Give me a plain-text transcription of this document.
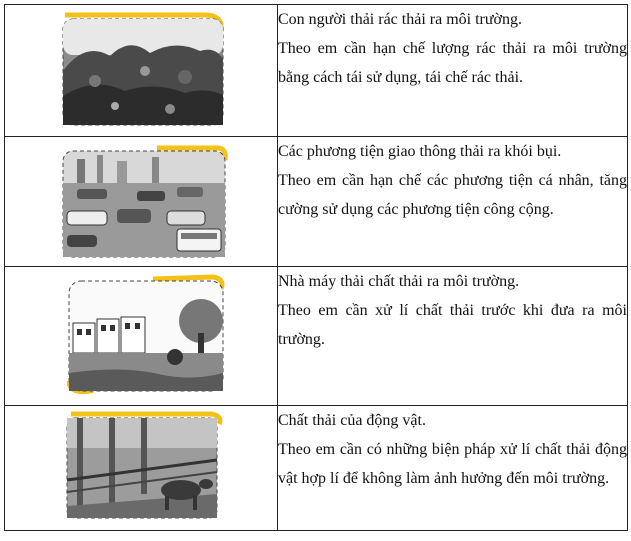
Con người thải rác thải ra môi trường.

Theo em cần hạn chế lượng rác thải ra môi trường bằng cách tái sử dụng, tái chế rác thải.

Các phương tiện giao thông thải ra khói bụi.

Theo em cần hạn chế các phương tiện cá nhân, tăng cường sử dụng các phương tiện công cộng.

Nhà máy thải chất thải ra môi trường.

Theo em cần xử lí chất thải trước khi đưa ra môi trường.

Chất thải của động vật.

Theo em cần có những biện pháp xử lí chất thải động vật hợp lí để không làm ảnh hưởng đến môi trường.
